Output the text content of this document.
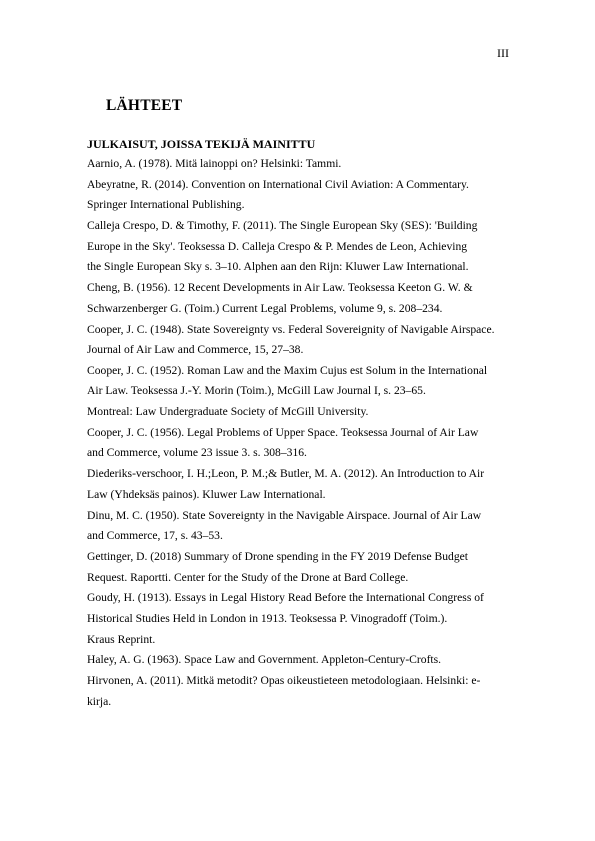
III
LÄHTEET
JULKAISUT, JOISSA TEKIJÄ MAINITTU
Aarnio, A. (1978). Mitä lainoppi on? Helsinki: Tammi.
Abeyratne, R. (2014). Convention on International Civil Aviation: A Commentary.
Springer International Publishing.
Calleja Crespo, D. & Timothy, F. (2011). The Single European Sky (SES): 'Building
Europe in the Sky'. Teoksessa D. Calleja Crespo & P. Mendes de Leon, Achieving
the Single European Sky s. 3–10. Alphen aan den Rijn: Kluwer Law International.
Cheng, B. (1956). 12 Recent Developments in Air Law. Teoksessa Keeton G. W. &
Schwarzenberger G. (Toim.) Current Legal Problems, volume 9, s. 208–234.
Cooper, J. C. (1948). State Sovereignty vs. Federal Sovereignity of Navigable Airspace.
Journal of Air Law and Commerce, 15, 27–38.
Cooper, J. C. (1952). Roman Law and the Maxim Cujus est Solum in the International
Air Law. Teoksessa J.-Y. Morin (Toim.), McGill Law Journal I, s. 23–65.
Montreal: Law Undergraduate Society of McGill University.
Cooper, J. C. (1956). Legal Problems of Upper Space. Teoksessa Journal of Air Law
and Commerce, volume 23 issue 3. s. 308–316.
Diederiks-verschoor, I. H.;Leon, P. M.;& Butler, M. A. (2012). An Introduction to Air
Law (Yhdeksäs painos). Kluwer Law International.
Dinu, M. C. (1950). State Sovereignty in the Navigable Airspace. Journal of Air Law
and Commerce, 17, s. 43–53.
Gettinger, D. (2018) Summary of Drone spending in the FY 2019 Defense Budget
Request. Raportti. Center for the Study of the Drone at Bard College.
Goudy, H. (1913). Essays in Legal History Read Before the International Congress of
Historical Studies Held in London in 1913. Teoksessa P. Vinogradoff (Toim.).
Kraus Reprint.
Haley, A. G. (1963). Space Law and Government. Appleton-Century-Crofts.
Hirvonen, A. (2011). Mitkä metodit? Opas oikeustieteen metodologiaan. Helsinki: e-
kirja.
